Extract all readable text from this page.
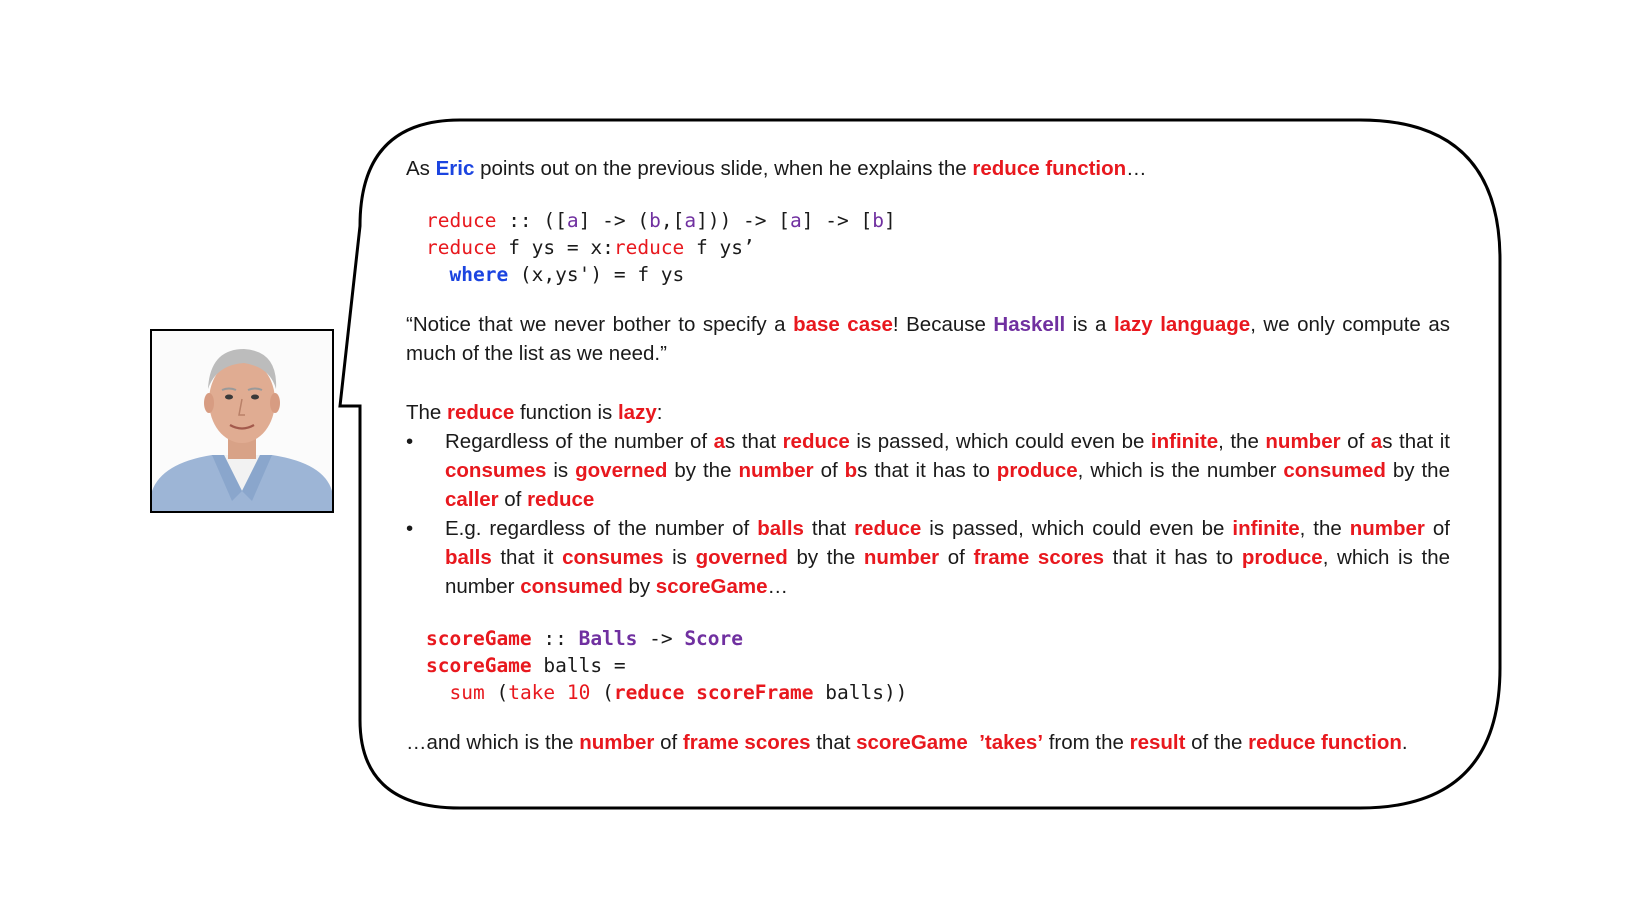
As Eric points out on the previous slide, when he explains the reduce function…

reduce :: ([a] -> (b,[a])) -> [a] -> [b]
reduce f ys = x:reduce f ys’
where (x,ys') = f ys

“Notice that we never bother to specify a base case! Because Haskell is a lazy language, we only compute as much of the list as we need.”

The reduce function is lazy:

• Regardless of the number of as that reduce is passed, which could even be infinite, the number of as that it consumes is governed by the number of bs that it has to produce, which is the number consumed by the caller of reduce
• E.g. regardless of the number of balls that reduce is passed, which could even be infinite, the number of balls that it consumes is governed by the number of frame scores that it has to produce, which is the number consumed by scoreGame…
scoreGame :: Balls -> Score
scoreGame balls =
sum (take 10 (reduce scoreFrame balls))

…and which is the number of frame scores that scoreGame  ’takes’ from the result of the reduce function.
